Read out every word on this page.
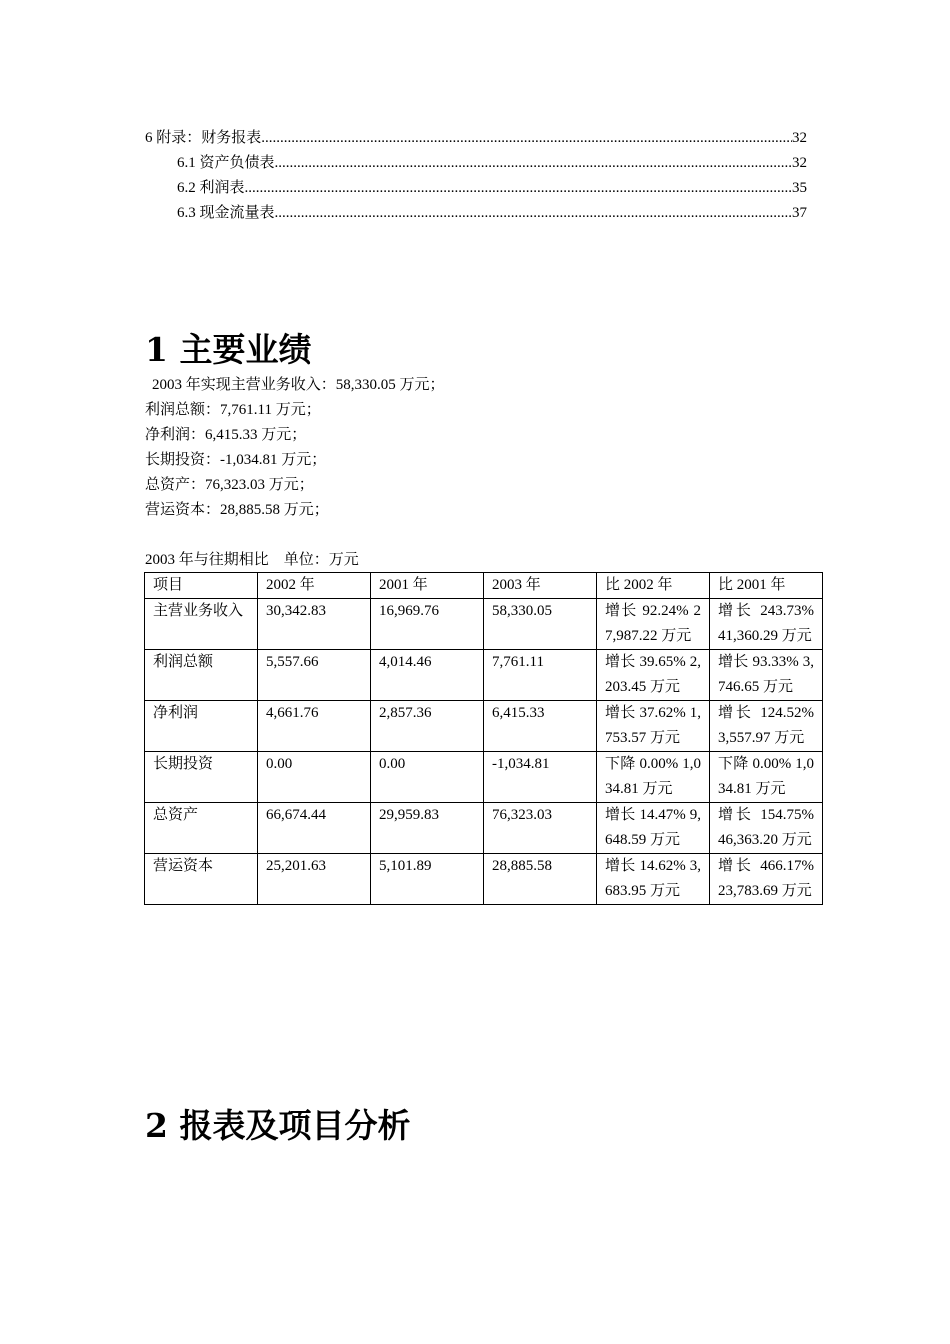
6 附录：财务报表 .....	32
6.1 资产负债表 .....	32
6.2 利润表 .....	35
6.3 现金流量表 .....	37
1 主要业绩
2003 年实现主营业务收入：58,330.05 万元；
利润总额：7,761.11 万元；
净利润：6,415.33 万元；
长期投资：-1,034.81 万元；
总资产：76,323.03 万元；
营运资本：28,885.58 万元；
2003 年与往期相比    单位：万元
项目	2002 年	2001 年	2003 年	比 2002 年	比 2001 年
主营业务收入	30,342.83	16,969.76	58,330.05	增长 92.24% 27,987.22 万元	增长 243.73% 41,360.29 万元
利润总额	5,557.66	4,014.46	7,761.11	增长 39.65% 2,203.45 万元	增长 93.33% 3,746.65 万元
净利润	4,661.76	2,857.36	6,415.33	增长 37.62% 1,753.57 万元	增长 124.52% 3,557.97 万元
长期投资	0.00	0.00	-1,034.81	下降 0.00% 1,034.81 万元	下降 0.00% 1,034.81 万元
总资产	66,674.44	29,959.83	76,323.03	增长 14.47% 9,648.59 万元	增长 154.75% 46,363.20 万元
营运资本	25,201.63	5,101.89	28,885.58	增长 14.62% 3,683.95 万元	增长 466.17% 23,783.69 万元
2 报表及项目分析
